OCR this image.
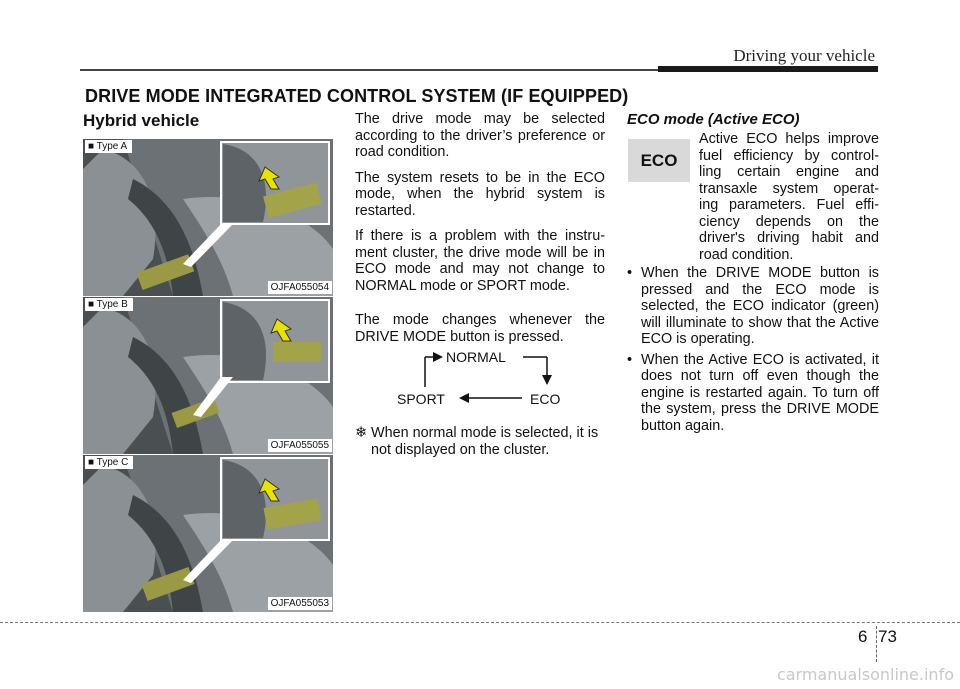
Driving your vehicle
DRIVE MODE INTEGRATED CONTROL SYSTEM (IF EQUIPPED)
Hybrid vehicle
■ Type A
OJFA055054
■ Type B
OJFA055055
■ Type C
OJFA055053

The drive mode may be selected according to the driver’s preference or road condition.

The system resets to be in the ECO mode, when the hybrid system is restarted.

If there is a problem with the instru- ment cluster, the drive mode will be in ECO mode and may not change to NORMAL mode or SPORT mode.

The mode changes whenever the DRIVE MODE button is pressed.

NORMAL
SPORT	ECO
❄ When normal mode is selected, it is not displayed on the cluster.
ECO mode (Active ECO)
ECO
Active ECO helps improve fuel efficiency by control- ling certain engine and transaxle system operat- ing parameters. Fuel effi- ciency depends on the driver's driving habit and road condition.
• When the DRIVE MODE button is pressed and the ECO mode is selected, the ECO indicator (green) will illuminate to show that the Active ECO is operating.
• When the Active ECO is activated, it does not turn off even though the engine is restarted again. To turn off the system, press the DRIVE MODE button again.
6 73
carmanualsonline.info
